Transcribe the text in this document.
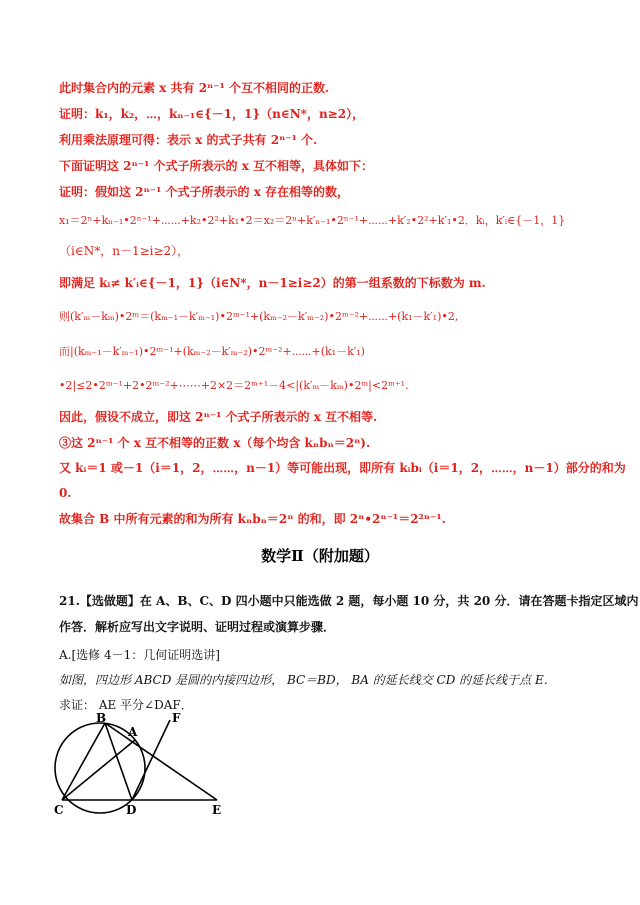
此时集合内的元素 x 共有 2ⁿ⁻¹ 个互不相同的正数.
证明：k₁，k₂，⋯，kₙ₋₁∈{－1，1}（n∈N*，n≥2），
利用乘法原理可得：表示 x 的式子共有 2ⁿ⁻¹ 个.
下面证明这 2ⁿ⁻¹ 个式子所表示的 x 互不相等，具体如下：
证明：假如这 2ⁿ⁻¹ 个式子所表示的 x 存在相等的数，
x₁＝2ⁿ+kₙ₋₁•2ⁿ⁻¹+⋯⋯+k₂•2²+k₁•2＝x₂＝2ⁿ+k′ₙ₋₁•2ⁿ⁻¹+⋯⋯+k′₂•2²+k′₁•2．kᵢ，k′ᵢ∈{－1，1}
（i∈N*，n－1≥i≥2），
即满足 kᵢ≠ k′ᵢ∈{－1，1}（i∈N*，n－1≥i≥2）的第一组系数的下标数为 m.
则(k′ₘ－kₘ)•2ᵐ＝(kₘ₋₁－k′ₘ₋₁)•2ᵐ⁻¹+(kₘ₋₂－k′ₘ₋₂)•2ᵐ⁻²+⋯⋯+(k₁－k′₁)•2,
而|(kₘ₋₁－k′ₘ₋₁)•2ᵐ⁻¹+(kₘ₋₂－k′ₘ₋₂)•2ᵐ⁻²+⋯⋯+(k₁－k′₁)
•2|≤2•2ᵐ⁻¹+2•2ᵐ⁻²+⋯⋯+2×2＝2ᵐ⁺¹－4<|(k′ₘ－kₘ)•2ᵐ|<2ᵐ⁺¹.
因此，假设不成立，即这 2ⁿ⁻¹ 个式子所表示的 x 互不相等.
③这 2ⁿ⁻¹ 个 x 互不相等的正数 x（每个均含 kₙbₙ＝2ⁿ).
又 kᵢ＝1 或－1（i＝1，2，⋯⋯，n－1）等可能出现，即所有 kᵢbᵢ（i＝1，2，⋯⋯，n－1）部分的和为
0.
故集合 B 中所有元素的和为所有 kₙbₙ＝2ⁿ 的和，即 2ⁿ•2ⁿ⁻¹＝2²ⁿ⁻¹.
数学Ⅱ（附加题）
21.【选做题】在 A、B、C、D 四小题中只能选做 2 题，每小题 10 分，共 20 分．请在答题卡指定区域内
作答．解析应写出文字说明、证明过程或演算步骤．
A.[选修 4－1：几何证明选讲]
如图，四边形 ABCD 是圆的内接四边形， BC＝BD， BA 的延长线交 CD 的延长线于点 E．
求证： AE 平分∠DAF．
B
A
F
C	D	E
